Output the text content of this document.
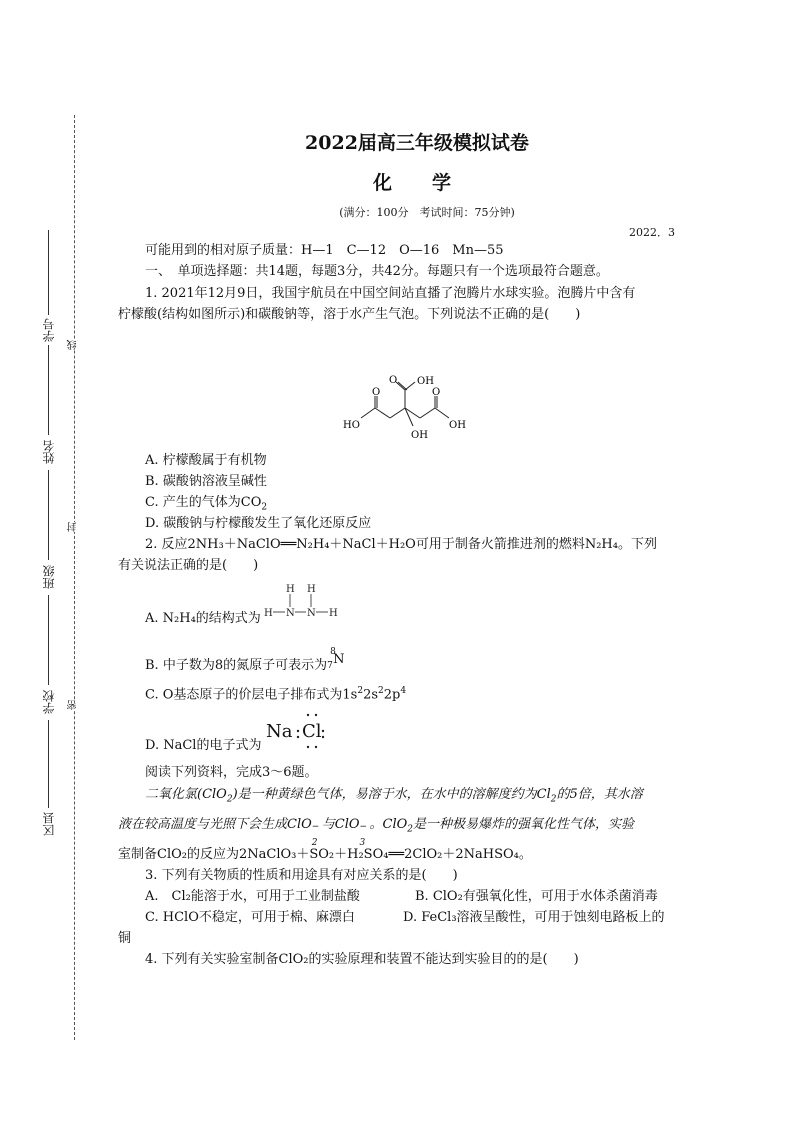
学号
姓名
班级
学校
区县
线
封
密
2022届高三年级模拟试卷
化学
(满分：100分　考试时间：75分钟)
2022．3
可能用到的相对原子质量：H—1　C—12　O—16　Mn—55
一、　单项选择题：共14题，每题3分，共42分。每题只有一个选项最符合题意。
1. 2021年12月9日，我国宇航员在中国空间站直播了泡腾片水球实验。泡腾片中含有
柠檬酸(结构如图所示)和碳酸钠等，溶于水产生气泡。下列说法不正确的是(　　)
OH
O
O
HO
O
OH
OH
A. 柠檬酸属于有机物
B. 碳酸钠溶液呈碱性
C. 产生的气体为$CO_2$
D. 碳酸钠与柠檬酸发生了氧化还原反应
2. 反应2NH₃＋NaClO══N₂H₄＋NaCl＋H₂O可用于制备火箭推进剂的燃料N₂H₄。下列
有关说法正确的是(　　)
A. N₂H₄的结构式为
H H
H N N H
B. 中子数为8的氮原子可表示为
8
7 N
C. O基态原子的价层电子排布式为$1s^22s^22p^4$
D. NaCl的电子式为
Na Cl
阅读下列资料，完成3～6题。
二氧化氯(ClO$_2$)是一种黄绿色气体，易溶于水，在水中的溶解度约为$Cl_2$的5倍，其水溶
液在较高温度与光照下会生成ClO −
2
与ClO −
3
。ClO$_2$是一种极易爆炸的强氧化性气体，实验
室制备ClO₂的反应为2NaClO₃＋SO₂＋H₂SO₄══2ClO₂＋2NaHSO₄。
3. 下列有关物质的性质和用途具有对应关系的是(　　)
A.　Cl₂能溶于水，可用于工业制盐酸	B. ClO₂有强氧化性，可用于水体杀菌消毒
C. HClO不稳定，可用于棉、麻漂白	D. FeCl₃溶液呈酸性，可用于蚀刻电路板上的
铜
4. 下列有关实验室制备ClO₂的实验原理和装置不能达到实验目的的是(　　)
